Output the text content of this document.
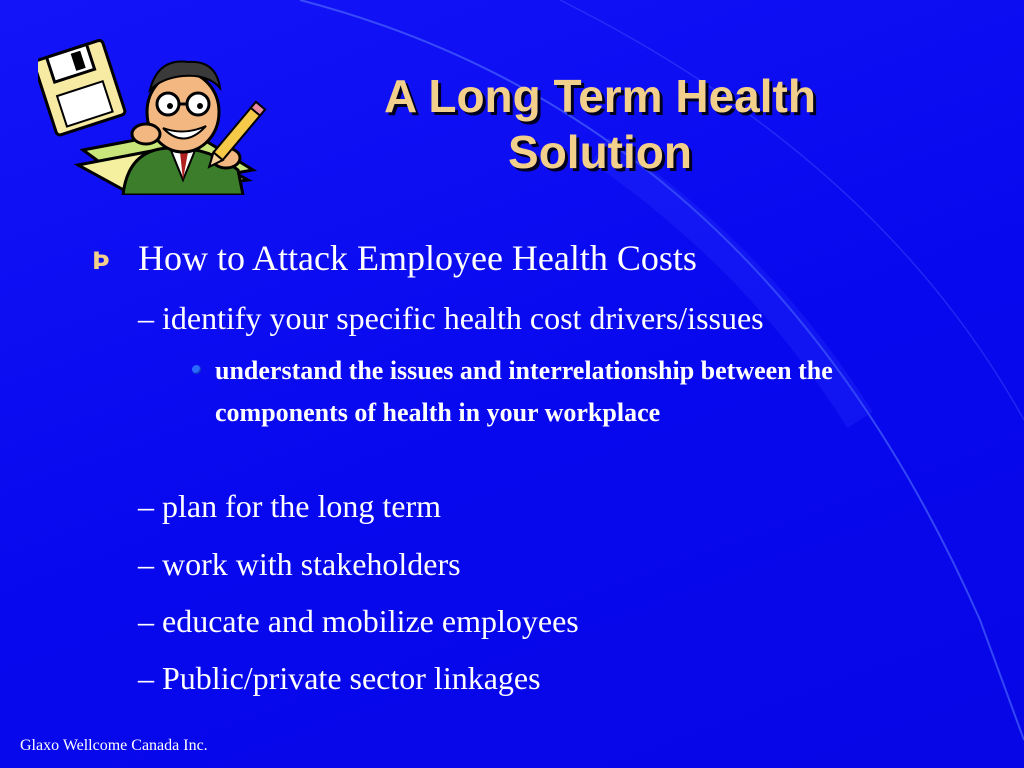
A Long Term Health
Solution
Þ How to Attack Employee Health Costs

– identify your specific health cost drivers/issues

understand the issues and interrelationship between the components of health in your workplace

– plan for the long term

– work with stakeholders

– educate and mobilize employees

– Public/private sector linkages

Glaxo Wellcome Canada Inc.
